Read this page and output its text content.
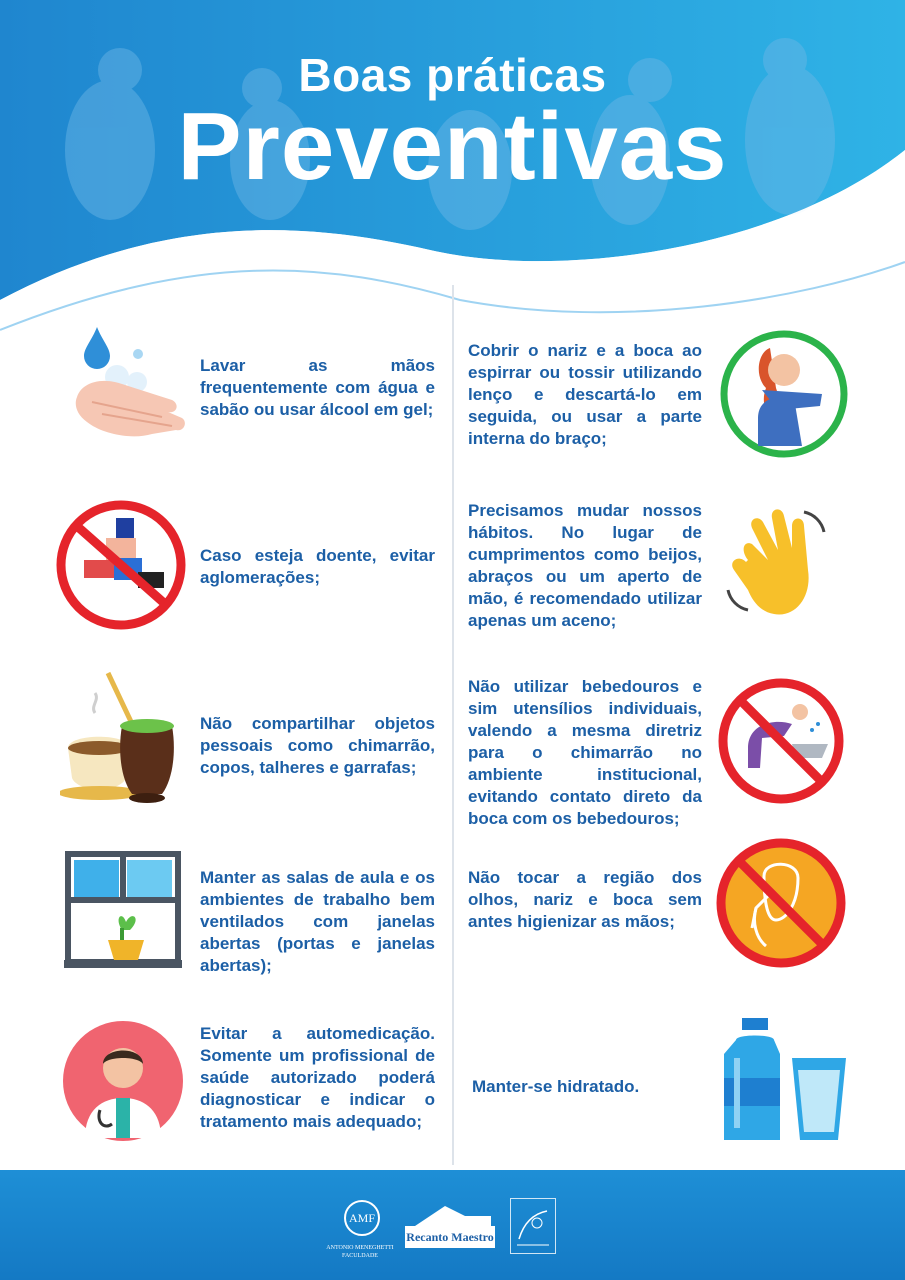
Boas práticas
Preventivas

Lavar as mãos frequentemente com água e sabão ou usar álcool em gel;

Caso esteja doente, evitar aglomerações;

Não compartilhar objetos pessoais como chimarrão, copos, talheres e garrafas;

Manter as salas de aula e os ambientes de trabalho bem ventilados com janelas abertas (portas e janelas abertas);

Evitar a automedicação. Somente um profissional de saúde autorizado poderá diagnosticar e indicar o tratamento mais adequado;

Cobrir o nariz e a boca ao espirrar ou tossir utilizando lenço e descartá-lo em seguida, ou usar a parte interna do braço;

Precisamos mudar nossos hábitos. No lugar de cumprimentos como beijos, abraços ou um aperto de mão, é recomendado utilizar apenas um aceno;

Não utilizar bebedouros e sim utensílios individuais, valendo a mesma diretriz para o chimarrão no ambiente institucional, evitando contato direto da boca com os bebedouros;

Não tocar a região dos olhos, nariz e boca sem antes higienizar as mãos;

Manter-se hidratado.

AMF
ANTONIO MENEGHETTI FACULDADE
Recanto Maestro
